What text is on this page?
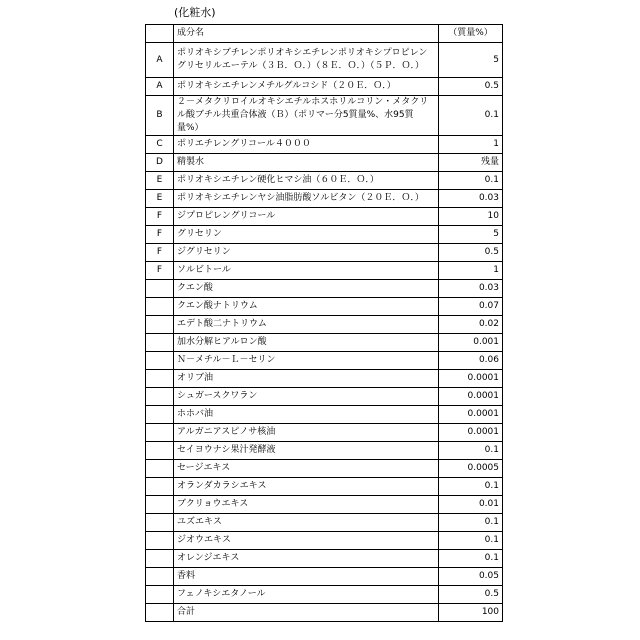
(化粧水)
	成分名	（質量%）
A	ポリオキシブチレンポリオキシエチレンポリオキシプロピレングリセリルエーテル（３Ｂ．Ｏ．）（８Ｅ．Ｏ．）（５Ｐ．Ｏ．）	5
A	ポリオキシエチレンメチルグルコシド（２０Ｅ．Ｏ．）	0.5
B	２－メタクリロイルオキシエチルホスホリルコリン・メタクリル酸ブチル共重合体液（Ｂ）（ポリマー分5質量%、水95質量%）	0.1
C	ポリエチレングリコール４０００	1
D	精製水	残量
E	ポリオキシエチレン硬化ヒマシ油（６０Ｅ．Ｏ．）	0.1
E	ポリオキシエチレンヤシ油脂肪酸ソルビタン（２０Ｅ．Ｏ．）	0.03
F	ジプロピレングリコール	10
F	グリセリン	5
F	ジグリセリン	0.5
F	ソルビトール	1
	クエン酸	0.03
	クエン酸ナトリウム	0.07
	エデト酸二ナトリウム	0.02
	加水分解ヒアルロン酸	0.001
	Ｎ－メチル－Ｌ－セリン	0.06
	オリブ油	0.0001
	シュガースクワラン	0.0001
	ホホバ油	0.0001
	アルガニアスピノサ核油	0.0001
	セイヨウナシ果汁発酵液	0.1
	セージエキス	0.0005
	オランダカラシエキス	0.1
	ブクリョウエキス	0.01
	ユズエキス	0.1
	ジオウエキス	0.1
	オレンジエキス	0.1
	香料	0.05
	フェノキシエタノール	0.5
	合計	100
